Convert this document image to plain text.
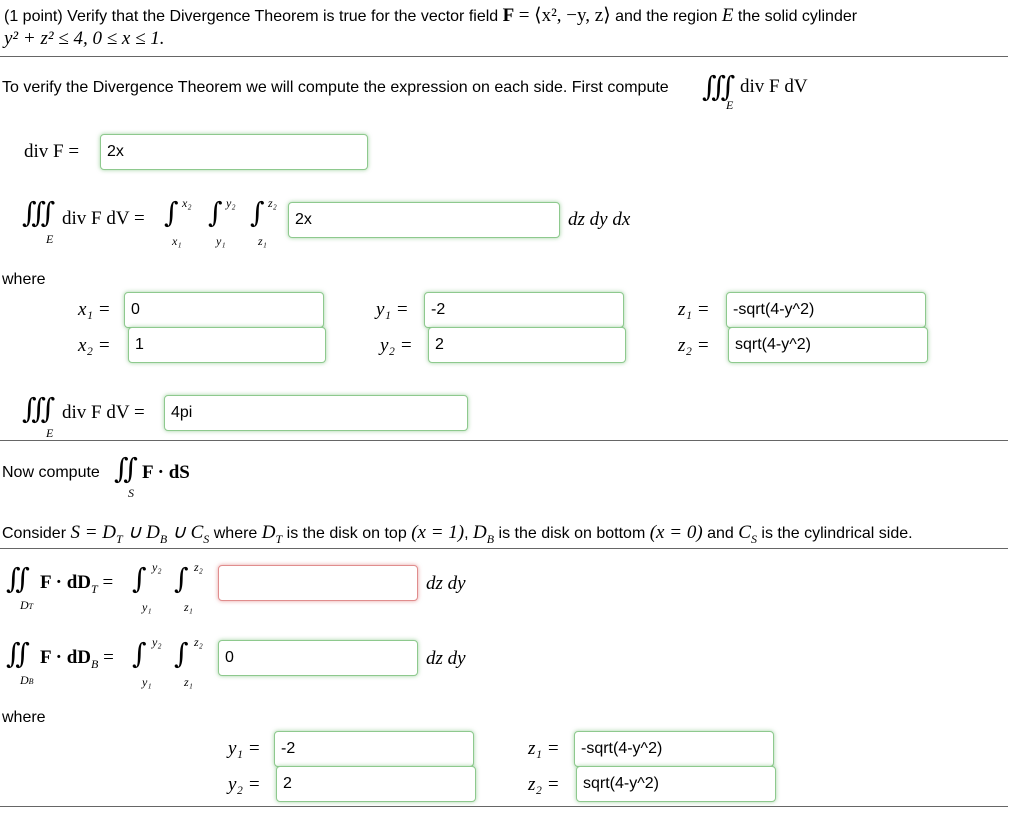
(1 point) Verify that the Divergence Theorem is true for the vector field F = ⟨x², −y, z⟩ and the region E the solid cylinder
y² + z² ≤ 4, 0 ≤ x ≤ 1.
To verify the Divergence Theorem we will compute the expression on each side. First compute ∭
E
div F dV
div F =
2x
∭
E
div F dV = ∫ x₂
x₁
∫ y₂
y₁
∫ z₂
z₁
2x
dz dy dx
where
x₁ =
0
x₂ =
1
y₁ =
-2
y₂ =
2
z₁ =
-sqrt(4-y^2)
z₂ =
sqrt(4-y^2)
∭
E
div F dV =
4pi
Now compute ∬
S
F · dS
Consider $S = D_T$ ∪ $D_B$ ∪ $C_S$ where $D_T$ is the disk on top (x = 1), $D_B$ is the disk on bottom (x = 0) and $C_S$ is the cylindrical side.
∬
DT
$F \cdot dD_T$ = ∫ y₂
y₁
∫ z₂
z₁
dz dy
∬
DB
$F \cdot dD_B$ = ∫ y₂
y₁
∫ z₂
z₁
0
dz dy
where
y₁ =
-2
y₂ =
2
z₁ =
-sqrt(4-y^2)
z₂ =
sqrt(4-y^2)
